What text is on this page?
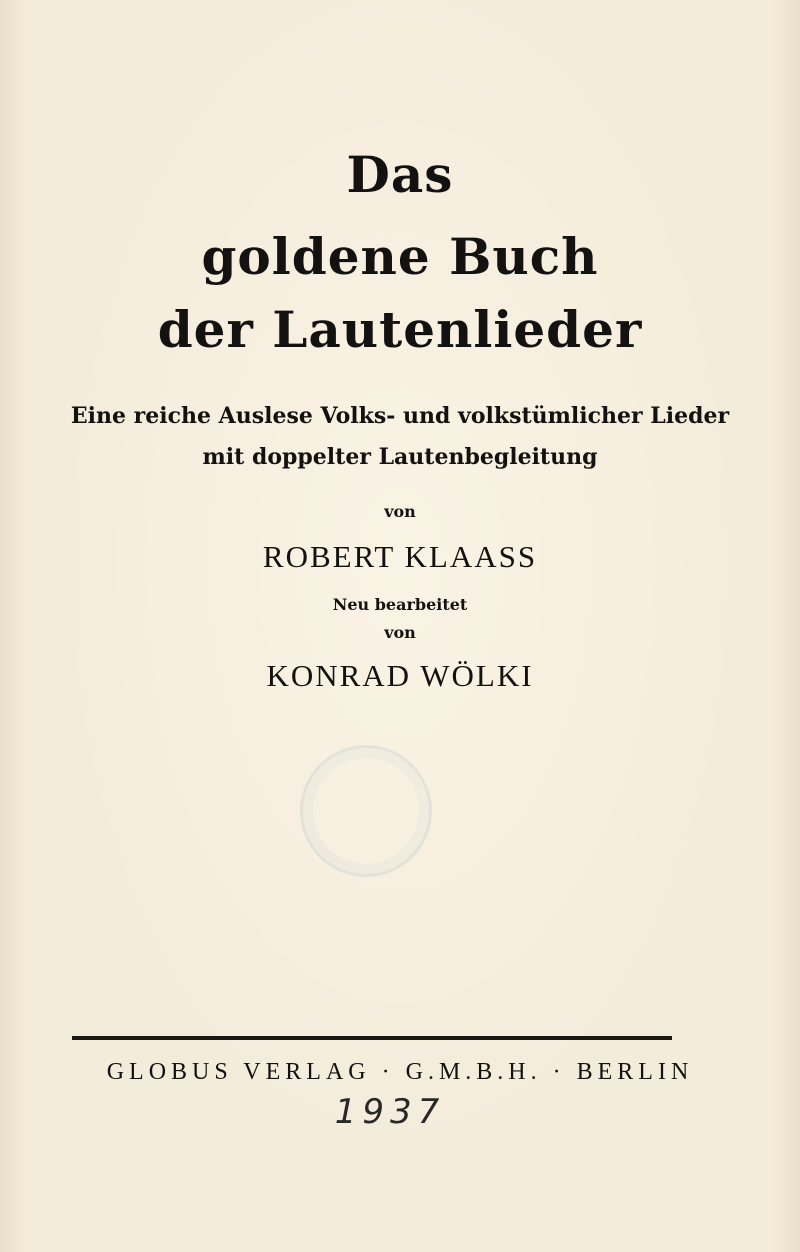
Das
goldene Buch
der Lautenlieder
Eine reiche Auslese Volks- und volkstümlicher Lieder
mit doppelter Lautenbegleitung
von
ROBERT KLAASS
Neu bearbeitet
von
KONRAD WÖLKI
GLOBUS VERLAG · G.M.B.H. · BERLIN
1937
